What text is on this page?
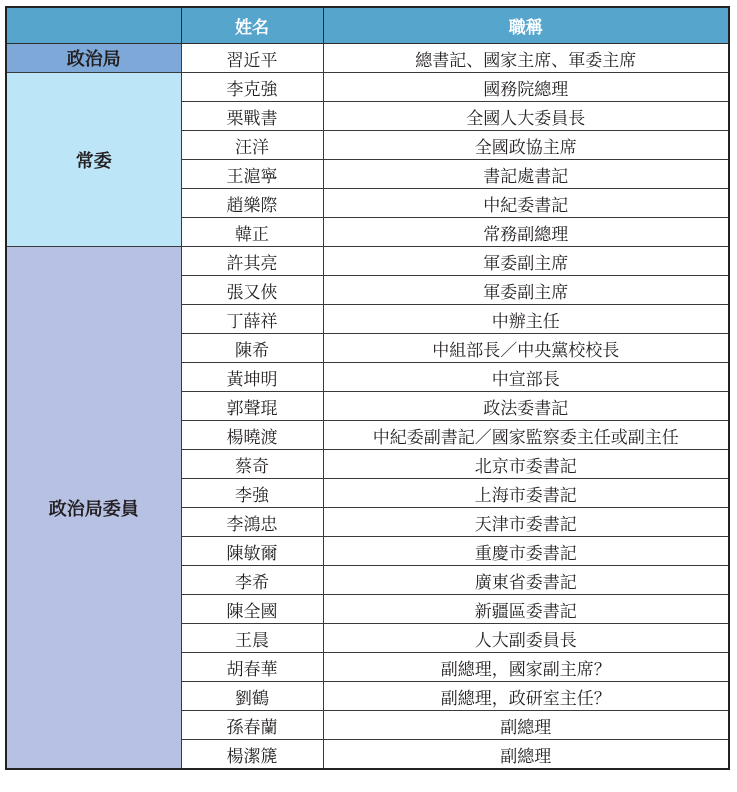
	姓名	職稱
政治局	習近平	總書記、國家主席、軍委主席
常委	李克強	國務院總理
	栗戰書	全國人大委員長
	汪洋	全國政協主席
	王滬寧	書記處書記
	趙樂際	中紀委書記
	韓正	常務副總理
政治局委員	許其亮	軍委副主席
	張又俠	軍委副主席
	丁薛祥	中辦主任
	陳希	中組部長／中央黨校校長
	黃坤明	中宣部長
	郭聲琨	政法委書記
	楊曉渡	中紀委副書記／國家監察委主任或副主任
	蔡奇	北京市委書記
	李強	上海市委書記
	李鴻忠	天津市委書記
	陳敏爾	重慶市委書記
	李希	廣東省委書記
	陳全國	新疆區委書記
	王晨	人大副委員長
	胡春華	副總理，國家副主席？
	劉鶴	副總理，政研室主任？
	孫春蘭	副總理
	楊潔篪	副總理
